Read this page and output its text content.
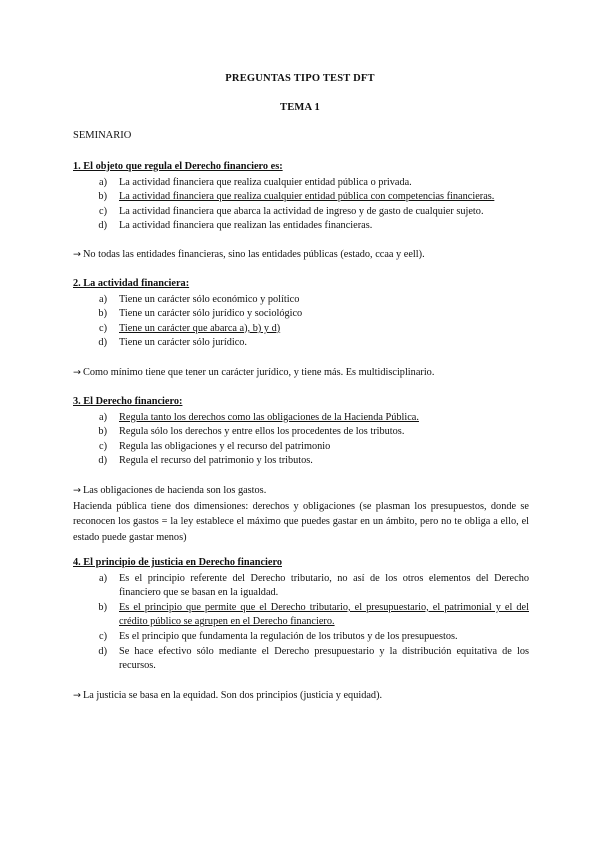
PREGUNTAS TIPO TEST DFT
TEMA 1
SEMINARIO
1. El objeto que regula el Derecho financiero es:
a)	La actividad financiera que realiza cualquier entidad pública o privada.
b)	La actividad financiera que realiza cualquier entidad pública con competencias financieras.
c)	La actividad financiera que abarca la actividad de ingreso y de gasto de cualquier sujeto.
d)	La actividad financiera que realizan las entidades financieras.
→ No todas las entidades financieras, sino las entidades públicas (estado, ccaa y eell).
2. La actividad financiera:
a)	Tiene un carácter sólo económico y político
b)	Tiene un carácter sólo jurídico y sociológico
c)	Tiene un carácter que abarca a), b) y d)
d)	Tiene un carácter sólo jurídico.
→ Como mínimo tiene que tener un carácter jurídico, y tiene más. Es multidisciplinario.
3. El Derecho financiero:
a)	Regula tanto los derechos como las obligaciones de la Hacienda Pública.
b)	Regula sólo los derechos y entre ellos los procedentes de los tributos.
c)	Regula las obligaciones y el recurso del patrimonio
d)	Regula el recurso del patrimonio y los tributos.
→ Las obligaciones de hacienda son los gastos.
Hacienda pública tiene dos dimensiones: derechos y obligaciones (se plasman los presupuestos, donde se reconocen los gastos = la ley establece el máximo que puedes gastar en un ámbito, pero no te obliga a ello, el estado puede gastar menos)
4. El principio de justicia en Derecho financiero
a)	Es el principio referente del Derecho tributario, no así de los otros elementos del Derecho financiero que se basan en la igualdad.
b)	Es el principio que permite que el Derecho tributario, el presupuestario, el patrimonial y el del crédito público se agrupen en el Derecho financiero.
c)	Es el principio que fundamenta la regulación de los tributos y de los presupuestos.
d)	Se hace efectivo sólo mediante el Derecho presupuestario y la distribución equitativa de los recursos.
→ La justicia se basa en la equidad. Son dos principios (justicia y equidad).
